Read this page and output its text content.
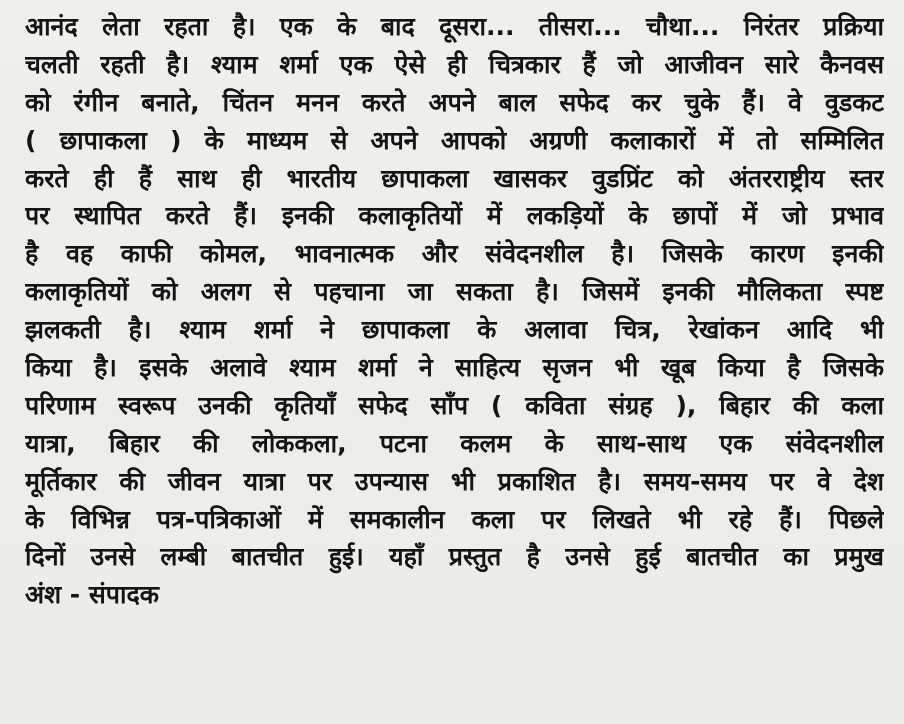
आनंद लेता रहता है। एक के बाद दूसरा... तीसरा... चौथा... निरंतर प्रक्रिया
चलती रहती है। श्याम शर्मा एक ऐसे ही चित्रकार हैं जो आजीवन सारे कैनवस
को रंगीन बनाते, चिंतन मनन करते अपने बाल सफेद कर चुके हैं। वे वुडकट
( छापाकला ) के माध्यम से अपने आपको अग्रणी कलाकारों में तो सम्मिलित
करते ही हैं साथ ही भारतीय छापाकला खासकर वुडप्रिंट को अंतरराष्ट्रीय स्तर
पर स्थापित करते हैं। इनकी कलाकृतियों में लकड़ियों के छापों में जो प्रभाव
है वह काफी कोमल, भावनात्मक और संवेदनशील है। जिसके कारण इनकी
कलाकृतियों को अलग से पहचाना जा सकता है। जिसमें इनकी मौलिकता स्पष्ट
झलकती है। श्याम शर्मा ने छापाकला के अलावा चित्र, रेखांकन आदि भी
किया है। इसके अलावे श्याम शर्मा ने साहित्य सृजन भी खूब किया है जिसके
परिणाम स्वरूप उनकी कृतियाँ सफेद साँप ( कविता संग्रह ), बिहार की कला
यात्रा, बिहार की लोककला, पटना कलम के साथ-साथ एक संवेदनशील
मूर्तिकार की जीवन यात्रा पर उपन्यास भी प्रकाशित है। समय-समय पर वे देश
के विभिन्न पत्र-पत्रिकाओं में समकालीन कला पर लिखते भी रहे हैं। पिछले
दिनों उनसे लम्बी बातचीत हुई। यहाँ प्रस्तुत है उनसे हुई बातचीत का प्रमुख
अंश - संपादक
